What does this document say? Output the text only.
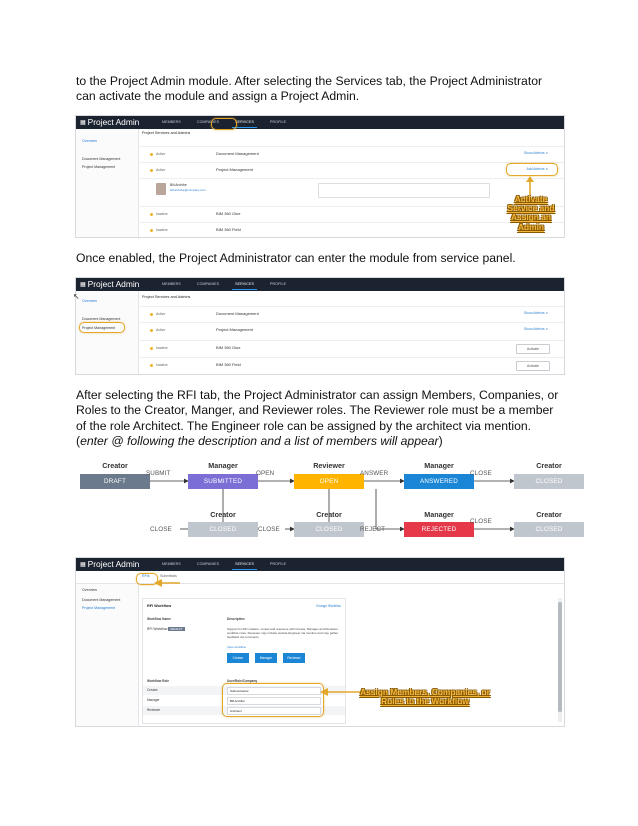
to the Project Admin module. After selecting the Services tab, the Project Administrator can activate the module and assign a Project Admin.

▦ Project Admin	MEMBERS	COMPANIES	SERVICES	PROFILE
Overview
Document Management
Project Management
Project Services and Admins
Active	Document Management	Show Admins ∨
Active	Project Management	Add Admins ∧
Bill Archibe
bill.archibe@company.com
Inactive	BIM 360 Glue
Inactive	BIM 360 Field
Activate Service and Assign an Admin

Once enabled, the Project Administrator can enter the module from service panel.

▦ Project Admin	MEMBERS	COMPANIES	SERVICES	PROFILE
Overview
Document Management
Project Management
Project Services and Admins
Active	Document Management	Show Admins ∨
Active	Project Management	Show Admins ∨
Inactive	BIM 360 Glue	Activate
Inactive	BIM 360 Field	Activate
↖

After selecting the RFI tab, the Project Administrator can assign Members, Companies, or Roles to the Creator, Manger, and Reviewer roles. The Reviewer role must be a member of the role Architect. The Engineer role can be assigned by the architect via mention. (enter @ following the description and a list of members will appear)

Creator	Manager	Reviewer	Manager	Creator
DRAFT	SUBMITTED	OPEN	ANSWERED	CLOSED
SUBMIT	OPEN	ANSWER	CLOSE
Creator	Creator	Manager	Creator
CLOSED	CLOSED	REJECTED	CLOSED
CLOSE	CLOSE	REJECT
CLOSE
▦ Project Admin	MEMBERS	COMPANIES	SERVICES	PROFILE
RFIs	Submittals
Overview
Document Management
Project Management	RFI Workflow	Change Workflow
Workflow Name	Description
RFI Workflow DEFAULT	Support for RFI creation, review and response with Creator, Manager and Reviewer workflow roles. Reviewer may include outside Engineer via mention and may gather feedback via comments.
View workflow
Creator	Manager	Reviewer
Workflow Role	User/Role/Company
Creator	Subcontractor
Manager	Bill Archibe
Reviewer	Architect
Assign Members, Companies, or Roles to the Workflow
